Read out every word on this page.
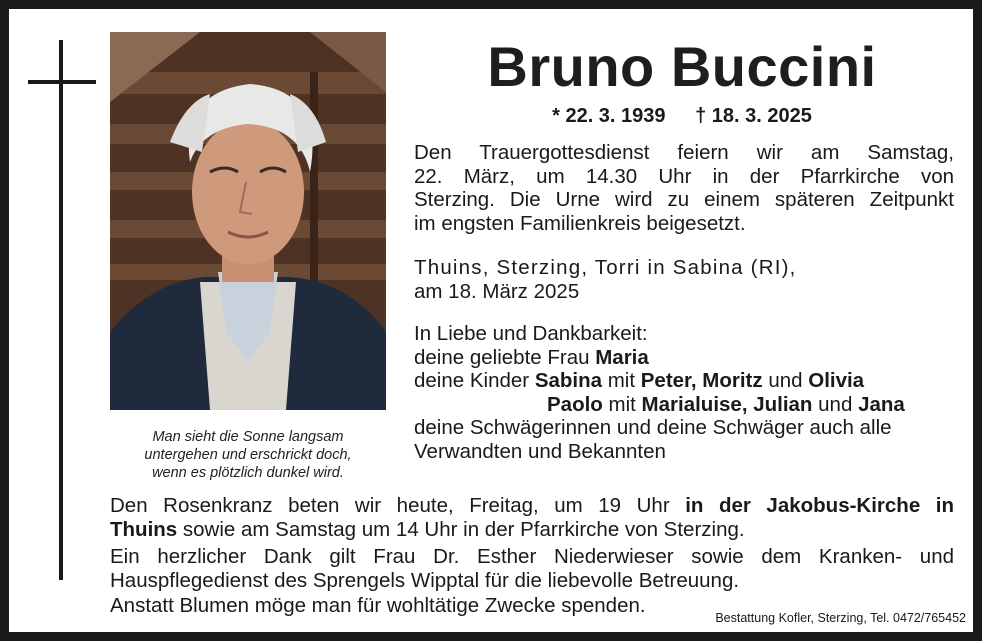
Man sieht die Sonne langsam
untergehen und erschrickt doch,
wenn es plötzlich dunkel wird.
Bruno Buccini
* 22. 3. 1939 † 18. 3. 2025
Den Trauergottesdienst feiern wir am Samstag,
22. März, um 14.30 Uhr in der Pfarrkirche von
Sterzing. Die Urne wird zu einem späteren Zeitpunkt
im engsten Familienkreis beigesetzt.
Thuins, Sterzing, Torri in Sabina (RI),
am 18. März 2025
In Liebe und Dankbarkeit:
deine geliebte Frau Maria
deine Kinder Sabina mit Peter, Moritz und Olivia
Paolo mit Marialuise, Julian und Jana
deine Schwägerinnen und deine Schwäger auch alle
Verwandten und Bekannten
Den Rosenkranz beten wir heute, Freitag, um 19 Uhr in der Jakobus-Kirche in
Thuins sowie am Samstag um 14 Uhr in der Pfarrkirche von Sterzing.
Ein herzlicher Dank gilt Frau Dr. Esther Niederwieser sowie dem Kranken- und
Hauspflegedienst des Sprengels Wipptal für die liebevolle Betreuung.
Anstatt Blumen möge man für wohltätige Zwecke spenden.
Bestattung Kofler, Sterzing, Tel. 0472/765452
